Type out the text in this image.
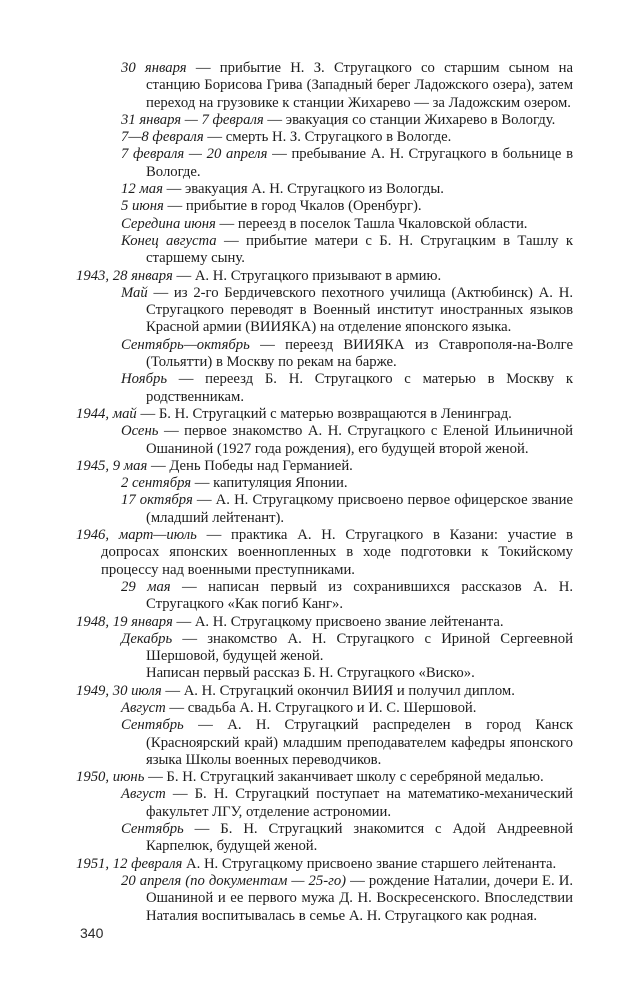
30 января — прибытие Н. З. Стругацкого со старшим сыном на станцию Борисова Грива (Западный берег Ладожского озера), затем переход на грузовике к станции Жихарево — за Ладожским озером.

31 января — 7 февраля — эвакуация со станции Жихарево в Вологду.

7—8 февраля — смерть Н. З. Стругацкого в Вологде.

7 февраля — 20 апреля — пребывание А. Н. Стругацкого в больнице в Вологде.

12 мая — эвакуация А. Н. Стругацкого из Вологды.

5 июня — прибытие в город Чкалов (Оренбург).

Середина июня — переезд в поселок Ташла Чкаловской области.

Конец августа — прибытие матери с Б. Н. Стругацким в Ташлу к старшему сыну.

1943, 28 января — А. Н. Стругацкого призывают в армию.

Май — из 2-го Бердичевского пехотного училища (Актюбинск) А. Н. Стругацкого переводят в Военный институт иностранных языков Красной армии (ВИИЯКА) на отделение японского языка.

Сентябрь—октябрь — переезд ВИИЯКА из Ставрополя-на-Волге (Тольятти) в Москву по рекам на барже.

Ноябрь — переезд Б. Н. Стругацкого с матерью в Москву к родственникам.

1944, май — Б. Н. Стругацкий с матерью возвращаются в Ленинград.

Осень — первое знакомство А. Н. Стругацкого с Еленой Ильиничной Ошаниной (1927 года рождения), его будущей второй женой.

1945, 9 мая — День Победы над Германией.

2 сентября — капитуляция Японии.

17 октября — А. Н. Стругацкому присвоено первое офицерское звание (младший лейтенант).

1946, март—июль — практика А. Н. Стругацкого в Казани: участие в допросах японских военнопленных в ходе подготовки к Токийскому процессу над военными преступниками.

29 мая — написан первый из сохранившихся рассказов А. Н. Стругацкого «Как погиб Канг».

1948, 19 января — А. Н. Стругацкому присвоено звание лейтенанта.

Декабрь — знакомство А. Н. Стругацкого с Ириной Сергеевной Шершовой, будущей женой.

Написан первый рассказ Б. Н. Стругацкого «Виско».

1949, 30 июля — А. Н. Стругацкий окончил ВИИЯ и получил диплом.

Август — свадьба А. Н. Стругацкого и И. С. Шершовой.

Сентябрь — А. Н. Стругацкий распределен в город Канск (Красноярский край) младшим преподавателем кафедры японского языка Школы военных переводчиков.

1950, июнь — Б. Н. Стругацкий заканчивает школу с серебряной медалью.

Август — Б. Н. Стругацкий поступает на математико-механический факультет ЛГУ, отделение астрономии.

Сентябрь — Б. Н. Стругацкий знакомится с Адой Андреевной Карпелюк, будущей женой.

1951, 12 февраля А. Н. Стругацкому присвоено звание старшего лейтенанта.

20 апреля (по документам — 25-го) — рождение Наталии, дочери Е. И. Ошаниной и ее первого мужа Д. Н. Воскресенского. Впоследствии Наталия воспитывалась в семье А. Н. Стругацкого как родная.

340
